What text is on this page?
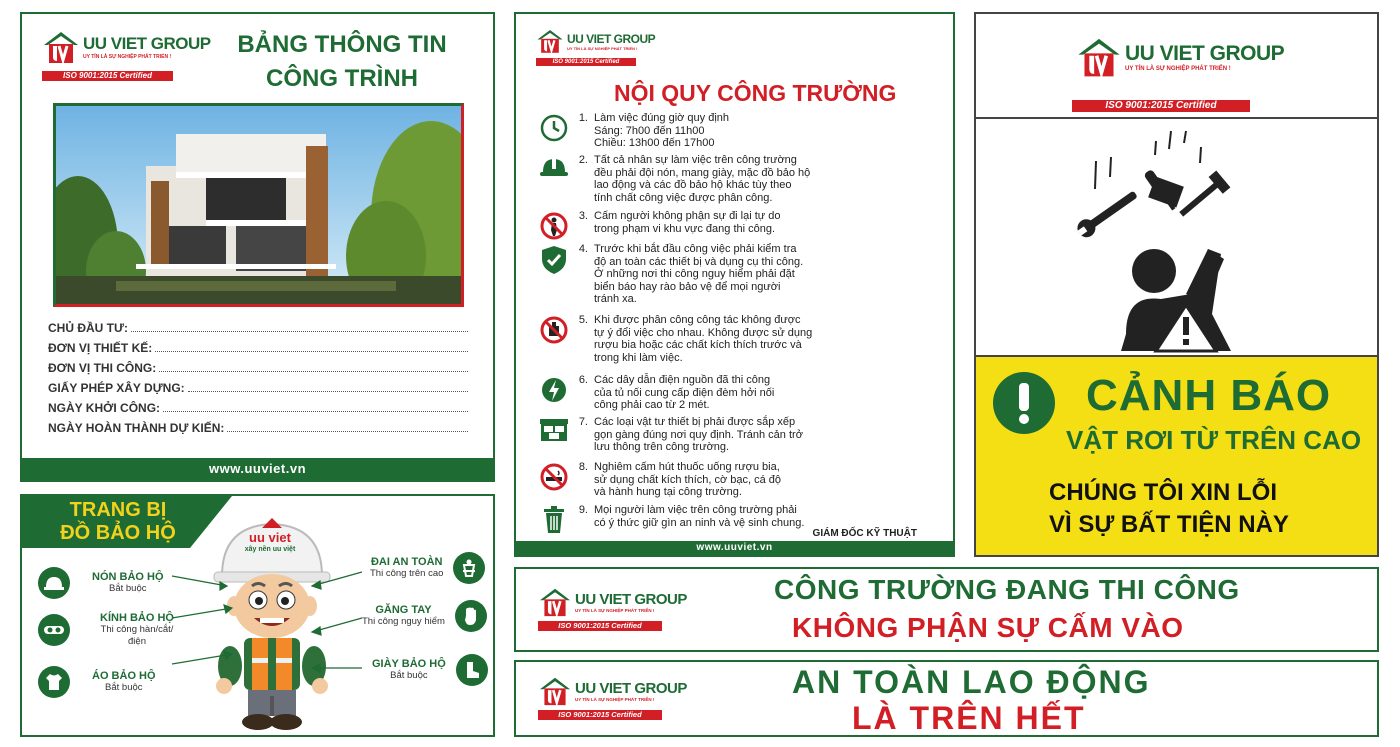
UU VIET GROUP
UY TÍN LÀ SỰ NGHIỆP PHÁT TRIỂN !
ISO 9001:2015 Certified
BẢNG THÔNG TIN
CÔNG TRÌNH
CHỦ ĐẦU TƯ:
ĐƠN VỊ THIẾT KẾ:
ĐƠN VỊ THI CÔNG:
GIẤY PHÉP XÂY DỰNG:
NGÀY KHỞI CÔNG:
NGÀY HOÀN THÀNH DỰ KIẾN:
www.uuviet.vn
TRANG BỊ
ĐỒ BẢO HỘ	uu viet
xây nền uu việt
NÓN BẢO HỘ
Bắt buộc
KÍNH BẢO HỘ
Thi công hàn/cắt/điện
ÁO BẢO HỘ
Bắt buộc
ĐAI AN TOÀN
Thi công trên cao
GĂNG TAY
Thi công nguy hiểm
GIÀY BẢO HỘ
Bắt buộc
UU VIET GROUP
UY TÍN LÀ SỰ NGHIỆP PHÁT TRIỂN !
ISO 9001:2015 Certified
NỘI QUY CÔNG TRƯỜNG
1. Làm việc đúng giờ quy định
Sáng: 7h00 đến 11h00
Chiều: 13h00 đến 17h00
2. Tất cả nhân sự làm việc trên công trường
đều phải đội nón, mang giày, mặc đồ bảo hộ
lao động và các đồ bảo hộ khác tùy theo
tính chất công việc được phân công.
3. Cấm người không phận sự đi lại tự do
trong phạm vi khu vực đang thi công.
4. Trước khi bắt đầu công việc phải kiểm tra
độ an toàn các thiết bị và dụng cụ thi công.
Ở những nơi thi công nguy hiểm phải đặt
biển báo hay rào bảo vệ để mọi người
tránh xa.
5. Khi được phân công công tác không được
tự ý đổi việc cho nhau. Không được sử dụng
rượu bia hoặc các chất kích thích trước và
trong khi làm việc.
6. Các dây dẫn điện nguồn đã thi công
của tủ nối cung cấp điện đèm hởi nối
công phải cao từ 2 mét.
7. Các loại vật tư thiết bị phải được sắp xếp
gọn gàng đúng nơi quy định. Tránh cản trở
lưu thông trên công trường.
8. Nghiêm cấm hút thuốc uống rượu bia,
sử dụng chất kích thích, cờ bạc, cá độ
và hành hung tại công trường.
9. Mọi người làm việc trên công trường phải
có ý thức giữ gìn an ninh và vệ sinh chung.
GIÁM ĐỐC KỸ THUẬT
www.uuviet.vn
UU VIET GROUP
UY TÍN LÀ SỰ NGHIỆP PHÁT TRIỂN !
ISO 9001:2015 Certified
CẢNH BÁO
VẬT RƠI TỪ TRÊN CAO
CHÚNG TÔI XIN LỖI
VÌ SỰ BẤT TIỆN NÀY
UU VIET GROUP
UY TÍN LÀ SỰ NGHIỆP PHÁT TRIỂN !
ISO 9001:2015 Certified
CÔNG TRƯỜNG ĐANG THI CÔNG
KHÔNG PHẬN SỰ CẤM VÀO
UU VIET GROUP
UY TÍN LÀ SỰ NGHIỆP PHÁT TRIỂN !
ISO 9001:2015 Certified
AN TOÀN LAO ĐỘNG
LÀ TRÊN HẾT
